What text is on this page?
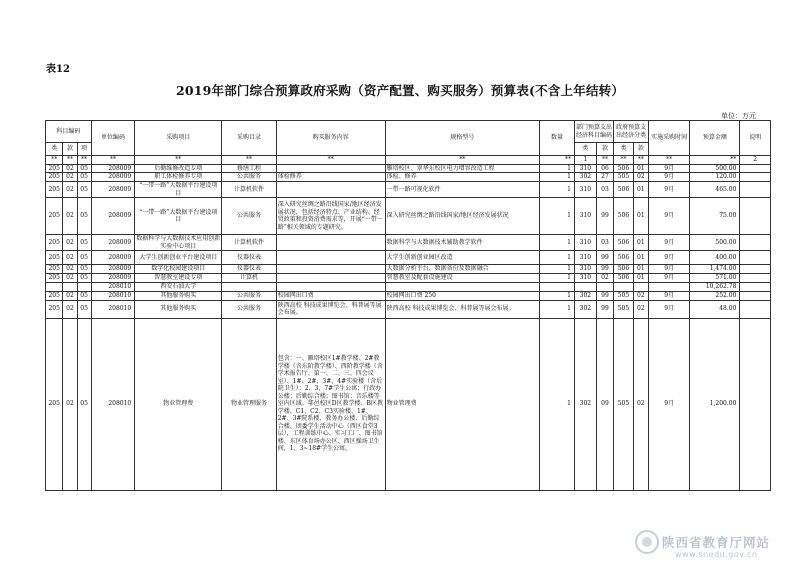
表12
2019年部门综合预算政府采购（资产配置、购买服务）预算表(不含上年结转）
单位：万元
科目编码			单位编码	采购项目	采购目录	购买服务内容	规格型号	数量	部门预算支出经济科目编码		政府预算支出经济分类		实施采购时间	预算金额	说明
类	款	项							类	款	类	款			
**	**	**	**	**	**	**	**	**	1	**	**	**	**	**	2
205	02	05	208009	后勤维修改造专项	修缮工程		雁塔校区、翠华东校区电力增容改造工程	1	310	06	506	01	9月	500.00	
205	02	05	208009	职工体检修养专项	公共服务	体检修养	体检、修养	1	302	27	505	02	9月	120.00	
205	02	05	208009	“一带一路”大数据平台建设项目	计算机软件		一带一路可视化软件	1	310	03	506	01	9月	465.00	
205	02	05	208009	“一带一路”大数据平台建设项目	公共服务	深入研究丝绸之路沿线国家/地区经济发展状况，包括经济特点、产业结构、经贸政策和投资消费需求等，开展“一带一路”相关领域的专题研究。	深入研究丝绸之路沿线国家/地区经济发展状况	1	310	99	506	01	9月	75.00	
205	02	05	208009	数据科学与大数据技术应用创新实验中心项目	计算机软件		数据科学与大数据技术辅助教学软件	1	310	03	506	01	9月	500.00	
205	02	05	208009	大学生创新创业平台建设项目	仪器仪表		大学生创新创业园区改造	1	310	99	506	01	9月	400.00	
205	02	05	208009	数字化校园建设项目	仪器仪表		大数据分析平台、数据备份及数据融合	1	310	99	506	01	9月	1,474.00	
205	02	05	208009	智慧教室建设专项	计算机		智慧教室及配套设施建设	1	310	02	506	01	9月	571.00	
			208010	西安石油大学										10,262.78	
205	02	05	208010	其他服务购买	公共服务	校园网出口费	校园网出口费 250	1	302	99	505	02	9月	252.00	
205	02	05	208010	其他服务购买	公共服务	陕西高校 科技成果博览会、科普展等展会布展。	陕西高校 科技成果博览会、科普展等展会布展。	1	302	99	505	02	9月	48.00	
205	02	05	208010	物业管理费	物业管理服务	包含：一、雁塔校区1#教学楼、2#教学楼（含东阶教学楼）、西阶教学楼（含学术报告厅、第一、二、三、四会议室）、1#、2#、3#、4#实验楼（含后院卫生）；2、3、7#学生公寓；行政办公楼；后勤综合楼；图书馆；音乐楼等室内区域。鄠邑校区D区教学楼、B区教学楼、C1、C2、C3实验楼、1#、2#、3#院系楼、教务办公楼、后勤综合楼、团委学生活动中心（西区食堂3层），工程训练中心、实习工厂、图书馆楼、东区体育场办公区、西区操场卫生间，1、3~18#学生公寓，	物业管理费	1	302	09	505	02	9月	1,200.00	
陕西省教育厅网站
www.snedu.gov.cn
